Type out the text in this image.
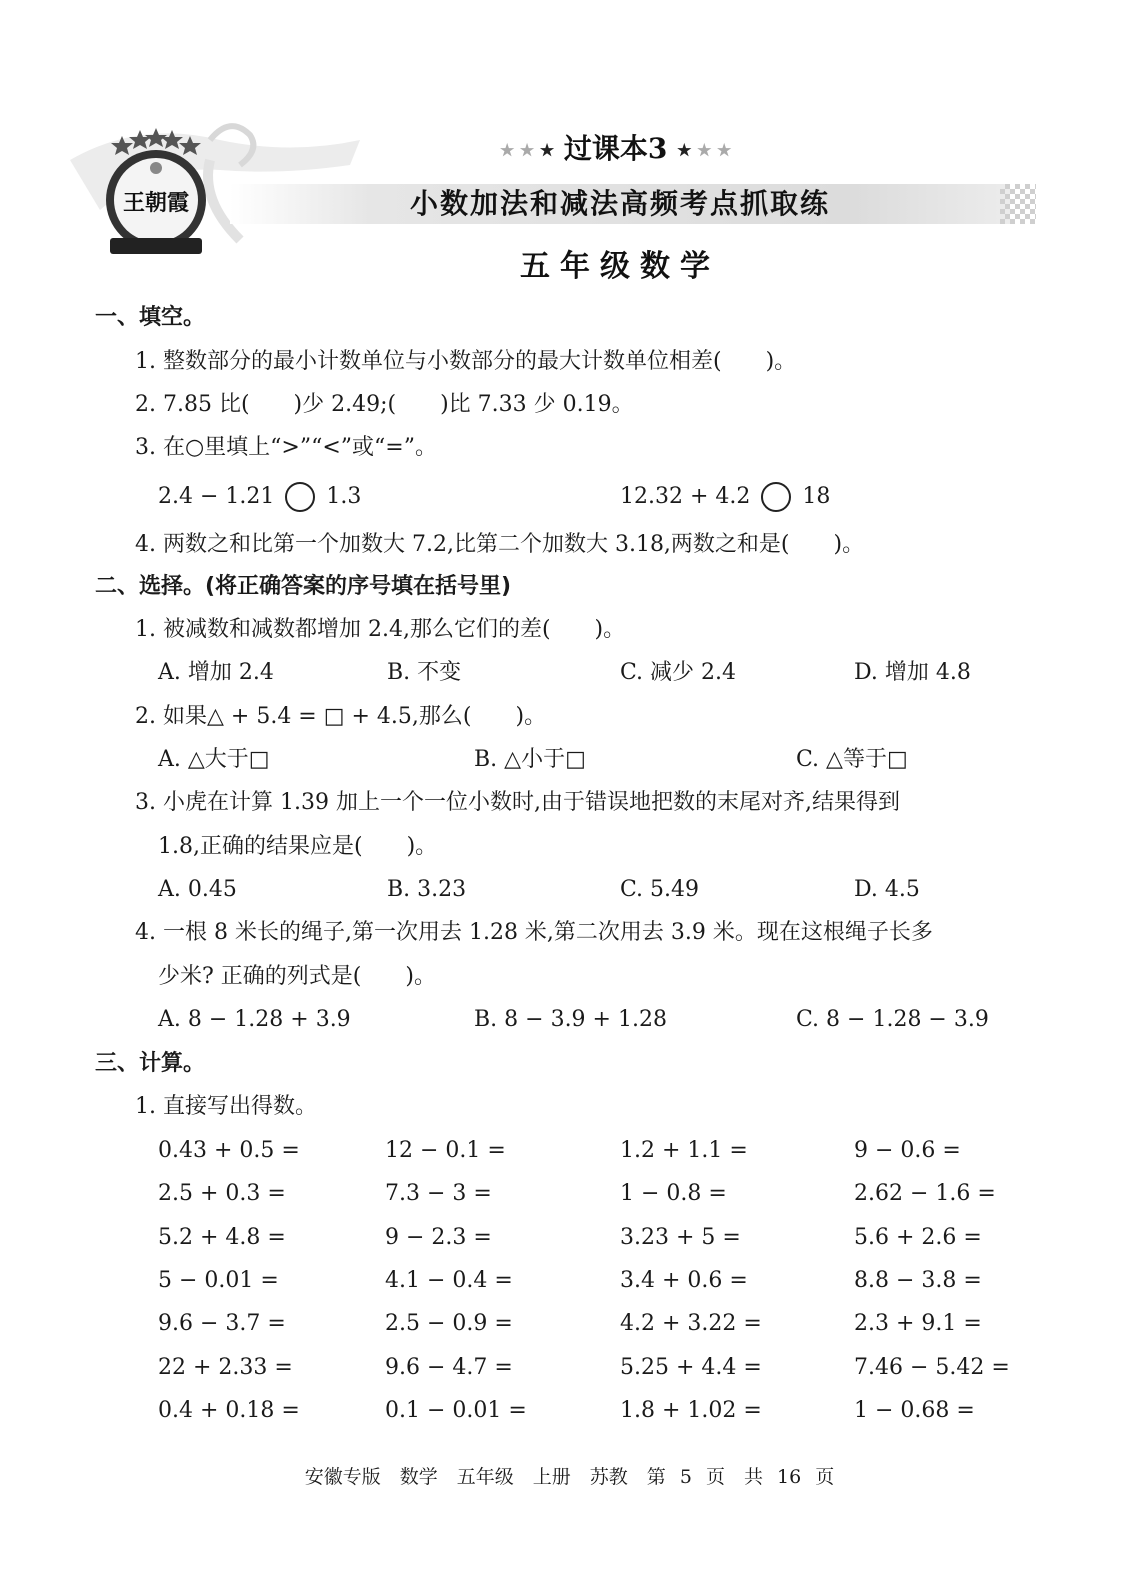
王朝霞
★ ★ ★ 过课本3 ★ ★ ★
小数加法和减法高频考点抓取练
五年级数学
一、填空。
1. 整数部分的最小计数单位与小数部分的最大计数单位相差(　　)。
2. 7.85 比(　　)少 2.49;(　　)比 7.33 少 0.19。
3. 在○里填上“>”“<”或“=”。
2.4 − 1.21 1.3	12.32 + 4.2 18
4. 两数之和比第一个加数大 7.2,比第二个加数大 3.18,两数之和是(　　)。
二、选择。(将正确答案的序号填在括号里)
1. 被减数和减数都增加 2.4,那么它们的差(　　)。
A. 增加 2.4	B. 不变	C. 减少 2.4	D. 增加 4.8
2. 如果△ + 5.4 = □ + 4.5,那么(　　)。
A. △大于□	B. △小于□	C. △等于□
3. 小虎在计算 1.39 加上一个一位小数时,由于错误地把数的末尾对齐,结果得到
1.8,正确的结果应是(　　)。
A. 0.45	B. 3.23	C. 5.49	D. 4.5
4. 一根 8 米长的绳子,第一次用去 1.28 米,第二次用去 3.9 米。现在这根绳子长多
少米? 正确的列式是(　　)。
A. 8 − 1.28 + 3.9	B. 8 − 3.9 + 1.28	C. 8 − 1.28 − 3.9
三、计算。
1. 直接写出得数。
0.43 + 0.5 =	12 − 0.1 =	1.2 + 1.1 =	9 − 0.6 =
2.5 + 0.3 =	7.3 − 3 =	1 − 0.8 =	2.62 − 1.6 =
5.2 + 4.8 =	9 − 2.3 =	3.23 + 5 =	5.6 + 2.6 =
5 − 0.01 =	4.1 − 0.4 =	3.4 + 0.6 =	8.8 − 3.8 =
9.6 − 3.7 =	2.5 − 0.9 =	4.2 + 3.22 =	2.3 + 9.1 =
22 + 2.33 =	9.6 − 4.7 =	5.25 + 4.4 =	7.46 − 5.42 =
0.4 + 0.18 =	0.1 − 0.01 =	1.8 + 1.02 =	1 − 0.68 =
安徽专版　数学　五年级　上册　苏教　第 5 页　共 16 页
